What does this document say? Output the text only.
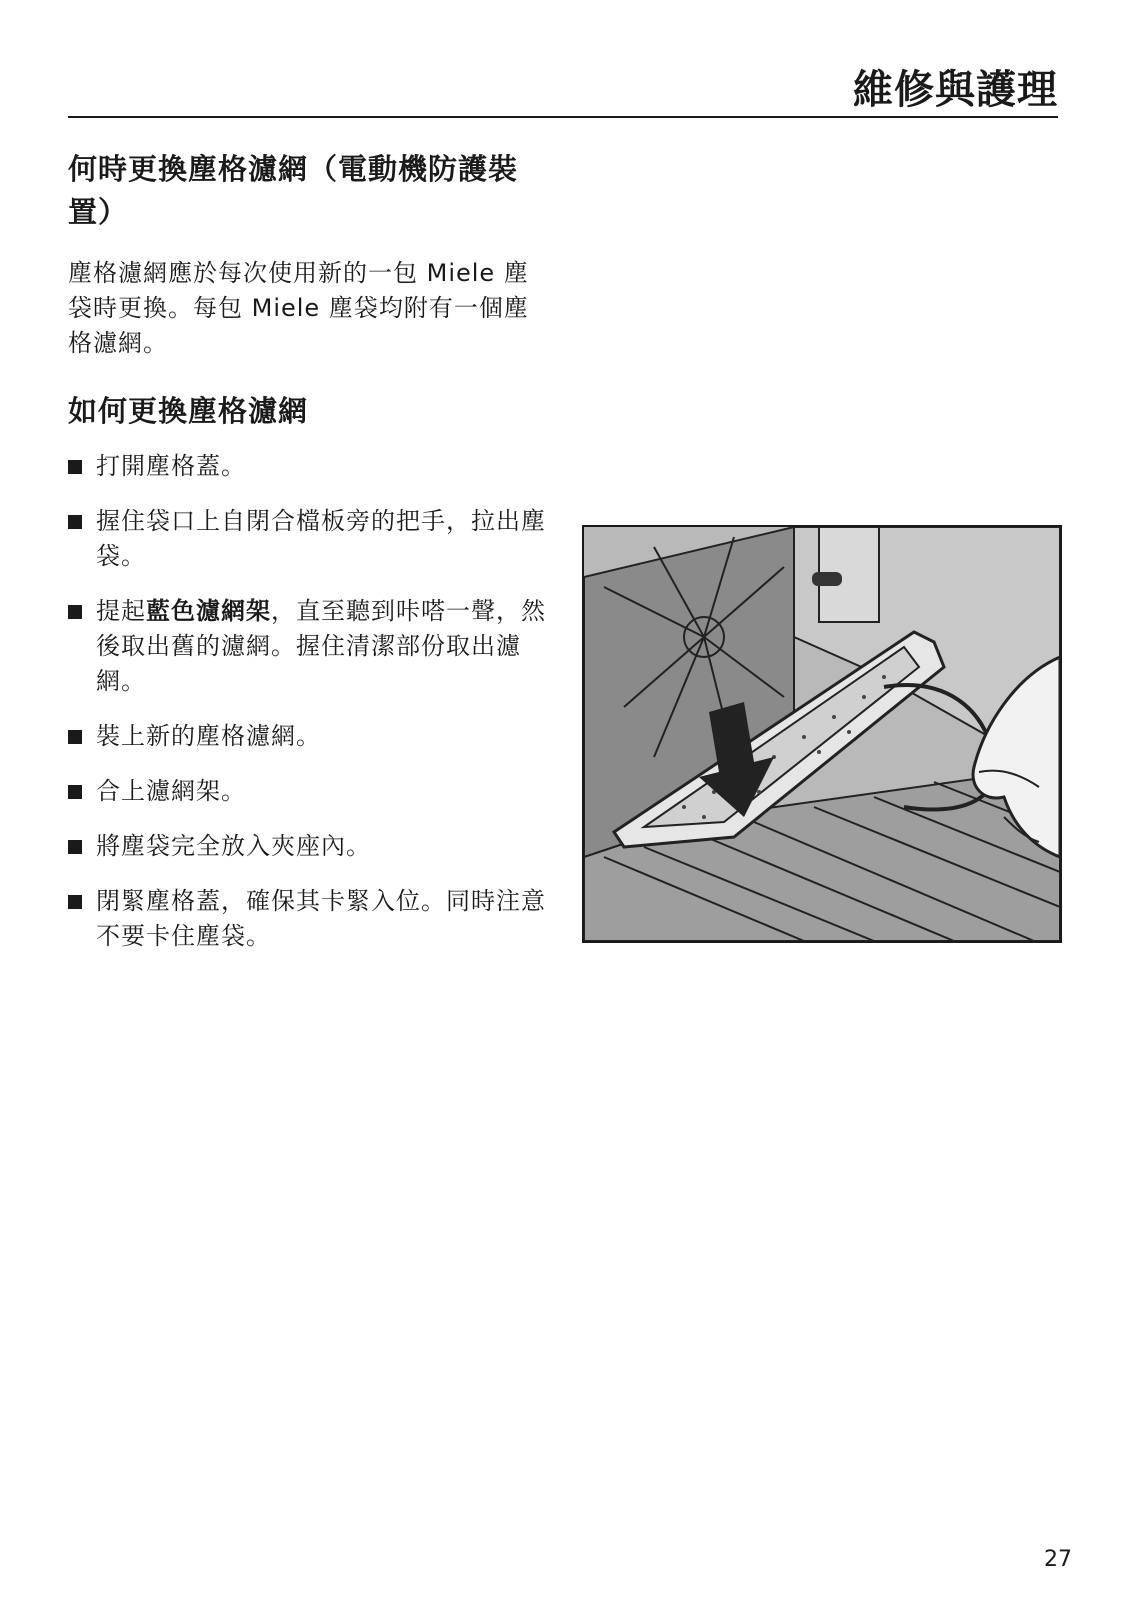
維修與護理
何時更換塵格濾網（電動機防護裝置）
塵格濾網應於每次使用新的一包 Miele 塵袋時更換。每包 Miele 塵袋均附有一個塵格濾網。
如何更換塵格濾網
打開塵格蓋。
握住袋口上自閉合檔板旁的把手，拉出塵袋。
提起藍色濾網架，直至聽到咔嗒一聲，然後取出舊的濾網。握住清潔部份取出濾網。
裝上新的塵格濾網。
合上濾網架。
將塵袋完全放入夾座內。
閉緊塵格蓋，確保其卡緊入位。同時注意不要卡住塵袋。
27
